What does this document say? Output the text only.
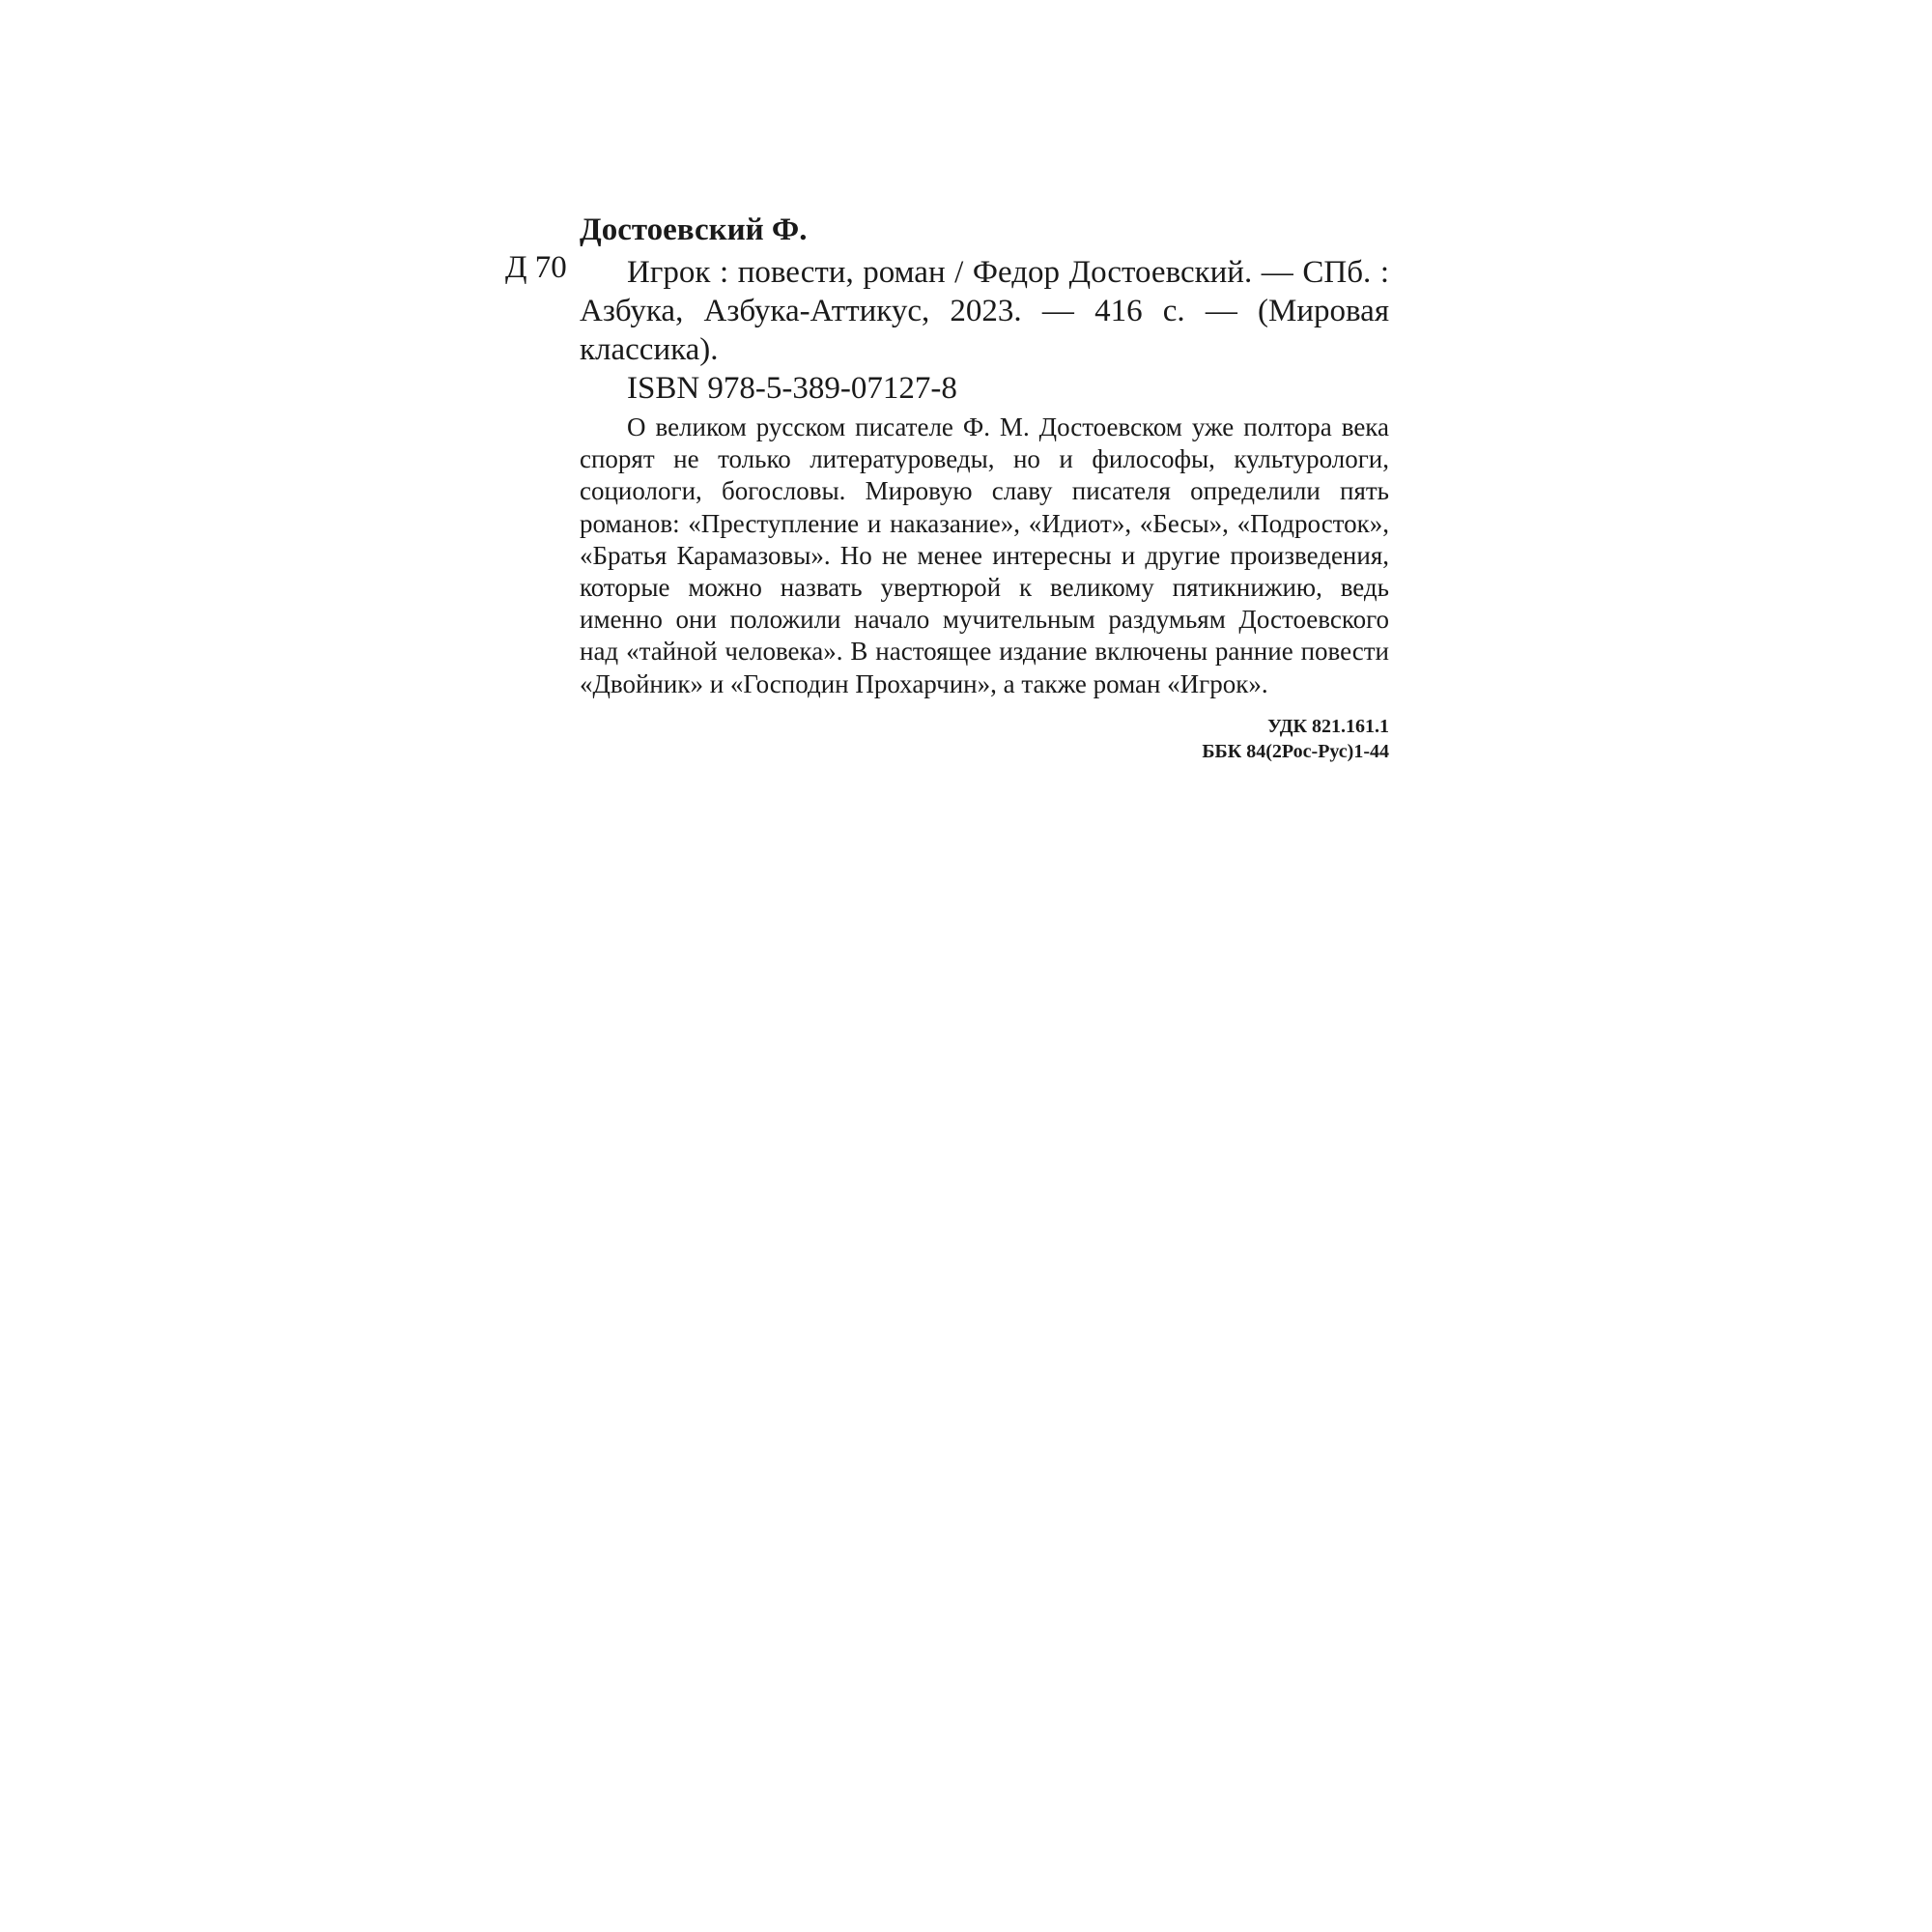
Д 70
Достоевский Ф.

Игрок : повести, роман / Федор Достоевский. — СПб. : Азбука, Азбука-Аттикус, 2023. — 416 с. — (Мировая классика).

ISBN 978-5-389-07127-8

О великом русском писателе Ф. М. Достоевском уже полтора века спорят не только литературоведы, но и философы, культурологи, социологи, богословы. Мировую славу писателя определили пять романов: «Преступление и наказание», «Идиот», «Бесы», «Подросток», «Братья Карамазовы». Но не менее интересны и другие произведения, которые можно назвать увертюрой к великому пятикнижию, ведь именно они положили начало мучительным раздумьям Достоевского над «тайной человека». В настоящее издание включены ранние повести «Двойник» и «Господин Прохарчин», а также роман «Игрок».

УДК 821.161.1
ББК 84(2Рос-Рус)1-44
